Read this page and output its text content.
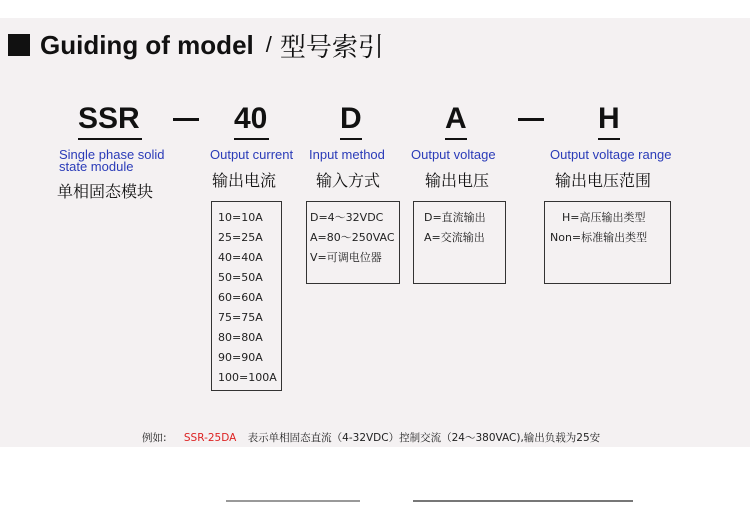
Guiding of model / 型号索引
SSR	40 D	A	H
Single phase solid
state module
单相固态模块
Output current
输出电流
Input method
输入方式
Output voltage
输出电压
Output voltage range
输出电压范围
10=10A
25=25A
40=40A
50=50A
60=60A
75=75A
80=80A
90=90A
100=100A
D=4～32VDC
A=80～250VAC
V=可调电位器
D=直流输出
A=交流输出
H=高压输出类型
Non=标准输出类型
例如: SSR-25DA 表示单相固态直流（4-32VDC）控制交流（24～380VAC),输出负载为25安
